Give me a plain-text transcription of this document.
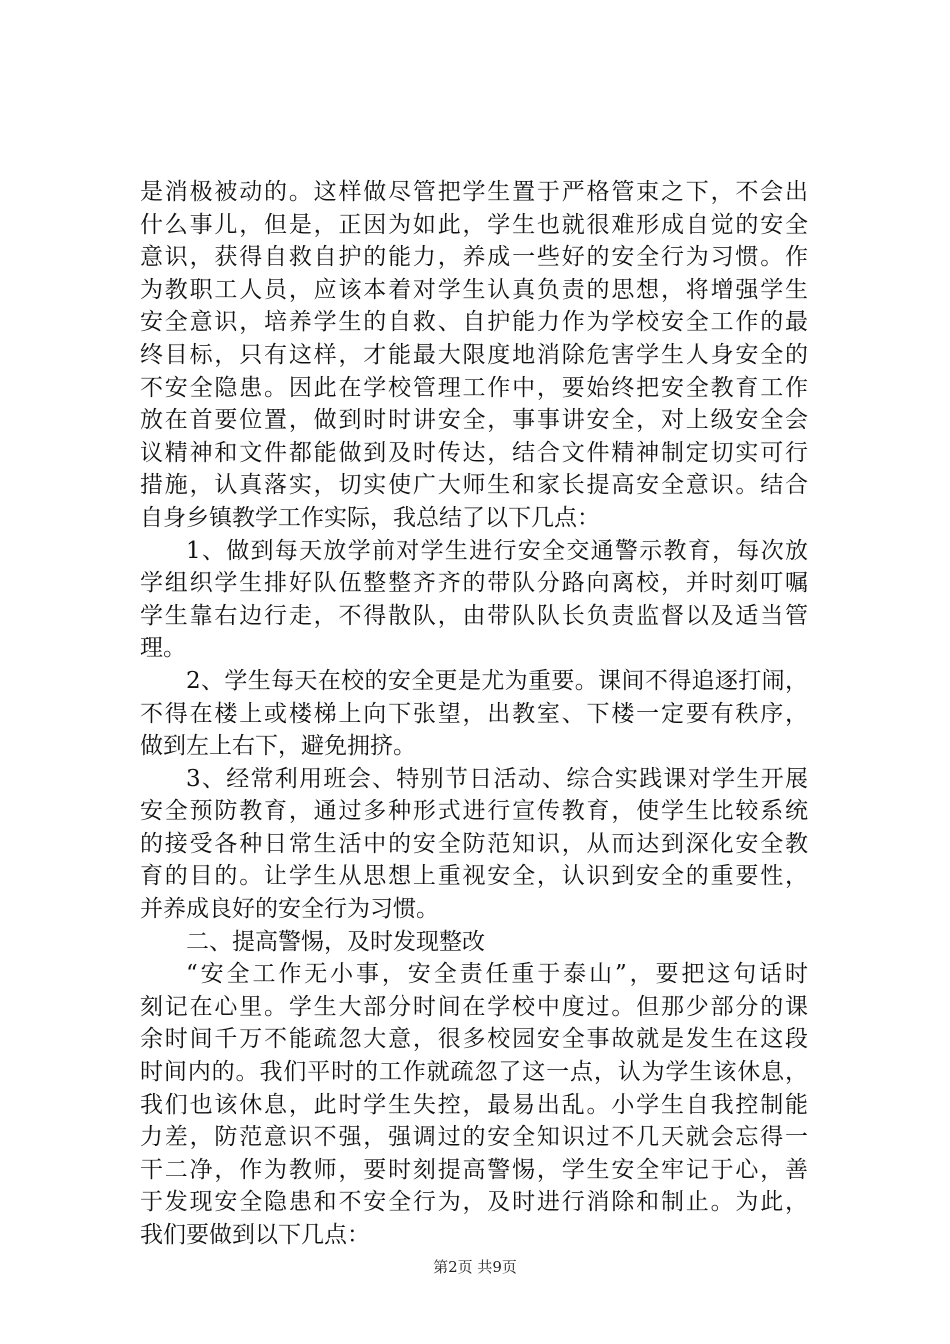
是消极被动的。这样做尽管把学生置于严格管束之下，不会出
什么事儿，但是，正因为如此，学生也就很难形成自觉的安全
意识，获得自救自护的能力，养成一些好的安全行为习惯。作
为教职工人员，应该本着对学生认真负责的思想，将增强学生
安全意识，培养学生的自救、自护能力作为学校安全工作的最
终目标，只有这样，才能最大限度地消除危害学生人身安全的
不安全隐患。因此在学校管理工作中，要始终把安全教育工作
放在首要位置，做到时时讲安全，事事讲安全，对上级安全会
议精神和文件都能做到及时传达，结合文件精神制定切实可行
措施，认真落实，切实使广大师生和家长提高安全意识。结合
自身乡镇教学工作实际，我总结了以下几点：
1、做到每天放学前对学生进行安全交通警示教育，每次放
学组织学生排好队伍整整齐齐的带队分路向离校，并时刻叮嘱
学生靠右边行走，不得散队，由带队队长负责监督以及适当管
理。
2、学生每天在校的安全更是尤为重要。课间不得追逐打闹，
不得在楼上或楼梯上向下张望，出教室、下楼一定要有秩序，
做到左上右下，避免拥挤。
3、经常利用班会、特别节日活动、综合实践课对学生开展
安全预防教育，通过多种形式进行宣传教育，使学生比较系统
的接受各种日常生活中的安全防范知识，从而达到深化安全教
育的目的。让学生从思想上重视安全，认识到安全的重要性，
并养成良好的安全行为习惯。
二、提高警惕，及时发现整改
“安全工作无小事，安全责任重于泰山”，要把这句话时
刻记在心里。学生大部分时间在学校中度过。但那少部分的课
余时间千万不能疏忽大意，很多校园安全事故就是发生在这段
时间内的。我们平时的工作就疏忽了这一点，认为学生该休息，
我们也该休息，此时学生失控，最易出乱。小学生自我控制能
力差，防范意识不强，强调过的安全知识过不几天就会忘得一
干二净，作为教师，要时刻提高警惕，学生安全牢记于心，善
于发现安全隐患和不安全行为，及时进行消除和制止。为此，
我们要做到以下几点：
第2页 共9页
